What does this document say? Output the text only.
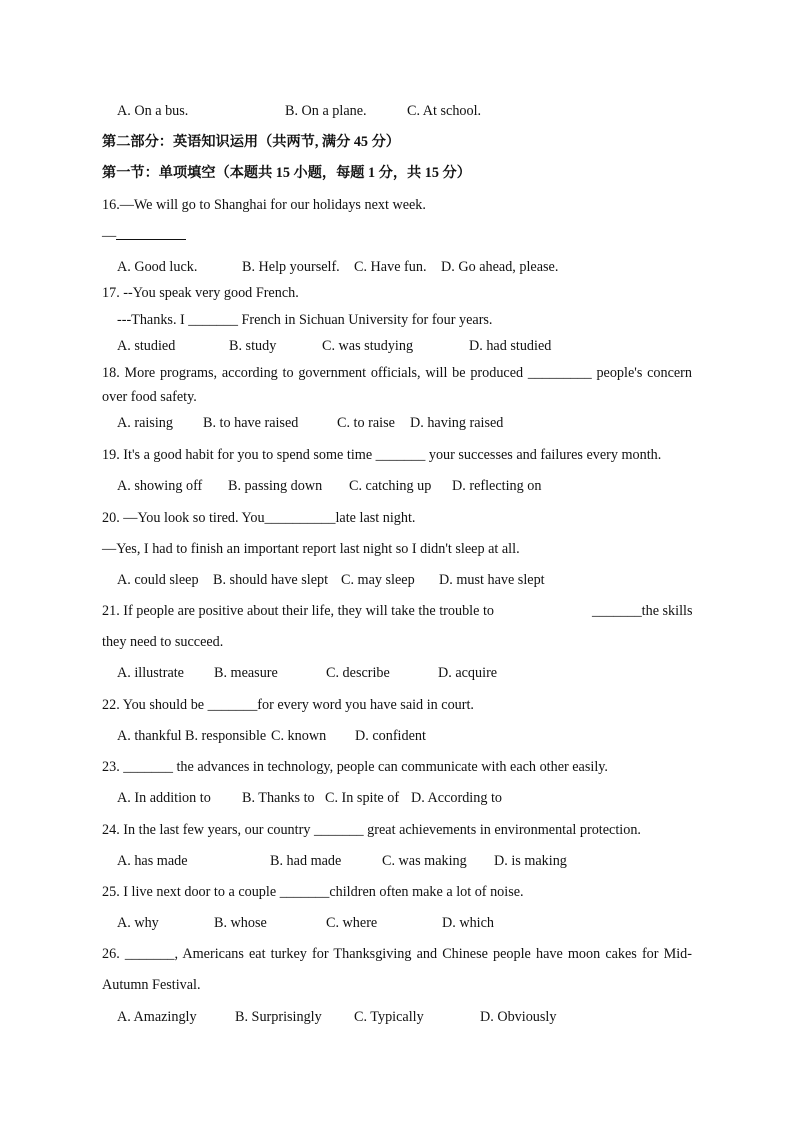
A. On a bus.	B. On a plane.	C. At school.
第二部分：英语知识运用（共两节, 满分 45 分）
第一节：单项填空（本题共 15 小题，每题 1 分，共 15 分）
16.—We will go to Shanghai for our holidays next week.
—
A. Good luck.	B. Help yourself. C. Have fun. D. Go ahead, please.
17. --You speak very good French.
---Thanks. I _______ French in Sichuan University for four years.
A. studied	B. study	C. was studying	D. had studied
18. More programs, according to government officials, will be produced _________ people's concern
over food safety.
A. raising B. to have raised	C. to raise D. having raised
19. It's a good habit for you to spend some time _______ your successes and failures every month.
A. showing off B. passing down C. catching up D. reflecting on
20. —You look so tired. You__________late last night.
—Yes, I had to finish an important report last night so I didn't sleep at all.
A. could sleep B. should have slept C. may sleep D. must have slept
21. If people are positive about their life, they will take the trouble to	_______the skills
they need to succeed.
A. illustrate B. measure	C. describe	D. acquire
22. You should be _______for every word you have said in court.
A. thankful B. responsible C. known D. confident
23. _______ the advances in technology, people can communicate with each other easily.
A. In addition to B. Thanks to C. In spite of D. According to
24. In the last few years, our country _______ great achievements in environmental protection.
A. has made	B. had made	C. was making D. is making
25. I live next door to a couple _______children often make a lot of noise.
A. why	B. whose	C. where	D. which
26. _______, Americans eat turkey for Thanksgiving and Chinese people have moon cakes for Mid-
Autumn Festival.
A. Amazingly	B. Surprisingly C. Typically	D. Obviously
